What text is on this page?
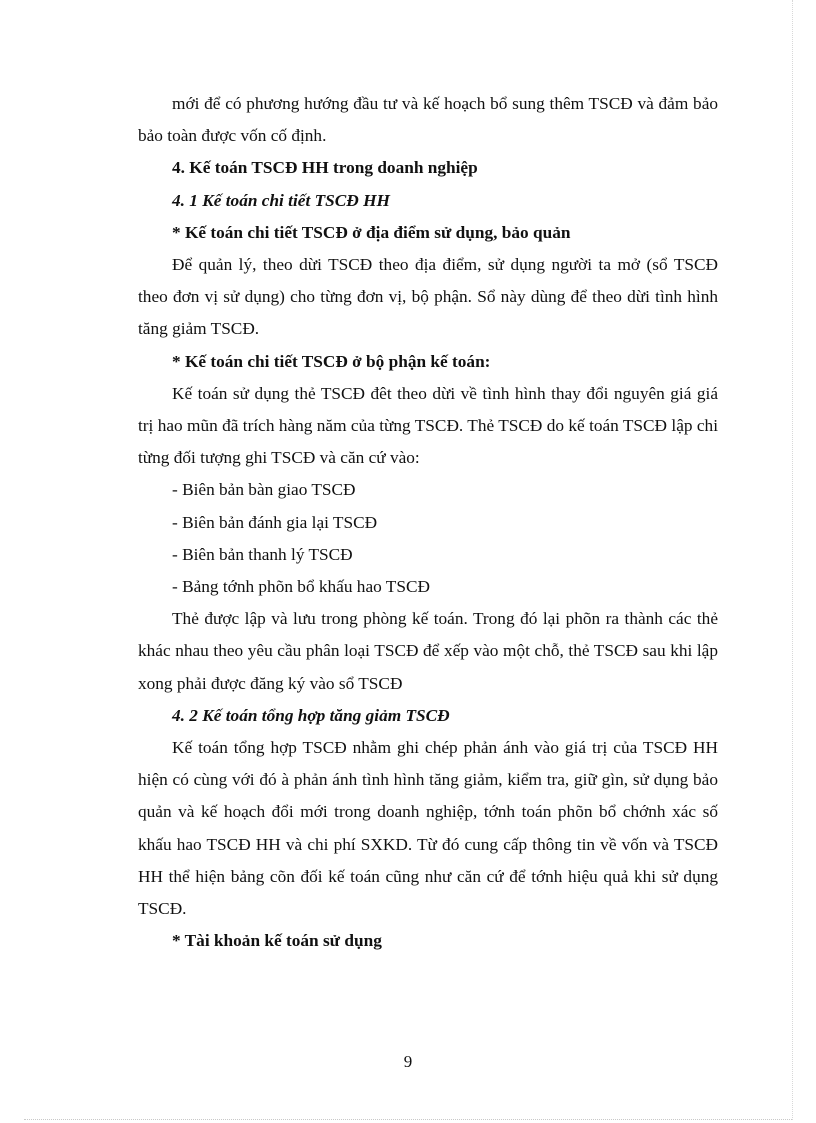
mới để có phương hướng đầu tư và kế hoạch bổ sung thêm TSCĐ và đảm bảo bảo toàn được vốn cố định.

4. Kế toán TSCĐ HH trong doanh nghiệp

4. 1 Kế toán chi tiết TSCĐ HH

* Kế toán chi tiết TSCĐ ở địa điểm sử dụng, bảo quản

Để quản lý, theo dừi TSCĐ theo địa điểm, sử dụng người ta mở (sổ TSCĐ theo đơn vị sử dụng) cho từng đơn vị, bộ phận. Sổ này dùng để theo dừi tình hình tăng giảm TSCĐ.

* Kế toán chi tiết TSCĐ ở bộ phận kế toán:

Kế toán sử dụng thẻ TSCĐ đêt theo dừi về tình hình thay đổi nguyên giá giá trị hao mũn đã trích hàng năm của từng TSCĐ. Thẻ TSCĐ do kế toán TSCĐ lập chi từng đối tượng ghi TSCĐ và căn cứ vào:

- Biên bản bàn giao TSCĐ

- Biên bản đánh gia lại TSCĐ

- Biên bản thanh lý TSCĐ

- Bảng tớnh phõn bổ khấu hao TSCĐ

Thẻ được lập và lưu trong phòng kế toán. Trong đó lại phõn ra thành các thẻ khác nhau theo yêu cầu phân loại TSCĐ để xếp vào một chỗ, thẻ TSCĐ sau khi lập xong phải được đăng ký vào sổ TSCĐ

4. 2 Kế toán tổng hợp tăng giảm TSCĐ

Kế toán tổng hợp TSCĐ nhằm ghi chép phản ánh vào giá trị của TSCĐ HH hiện có cùng với đó à phản ánh tình hình tăng giảm, kiểm tra, giữ gìn, sử dụng bảo quản và kế hoạch đổi mới trong doanh nghiệp, tớnh toán phõn bổ chớnh xác số khấu hao TSCĐ HH và chi phí SXKD. Từ đó cung cấp thông tin về vốn và TSCĐ HH thể hiện bảng cõn đối kế toán cũng như căn cứ để tớnh hiệu quả khi sử dụng TSCĐ.

* Tài khoản kế toán sử dụng

9
